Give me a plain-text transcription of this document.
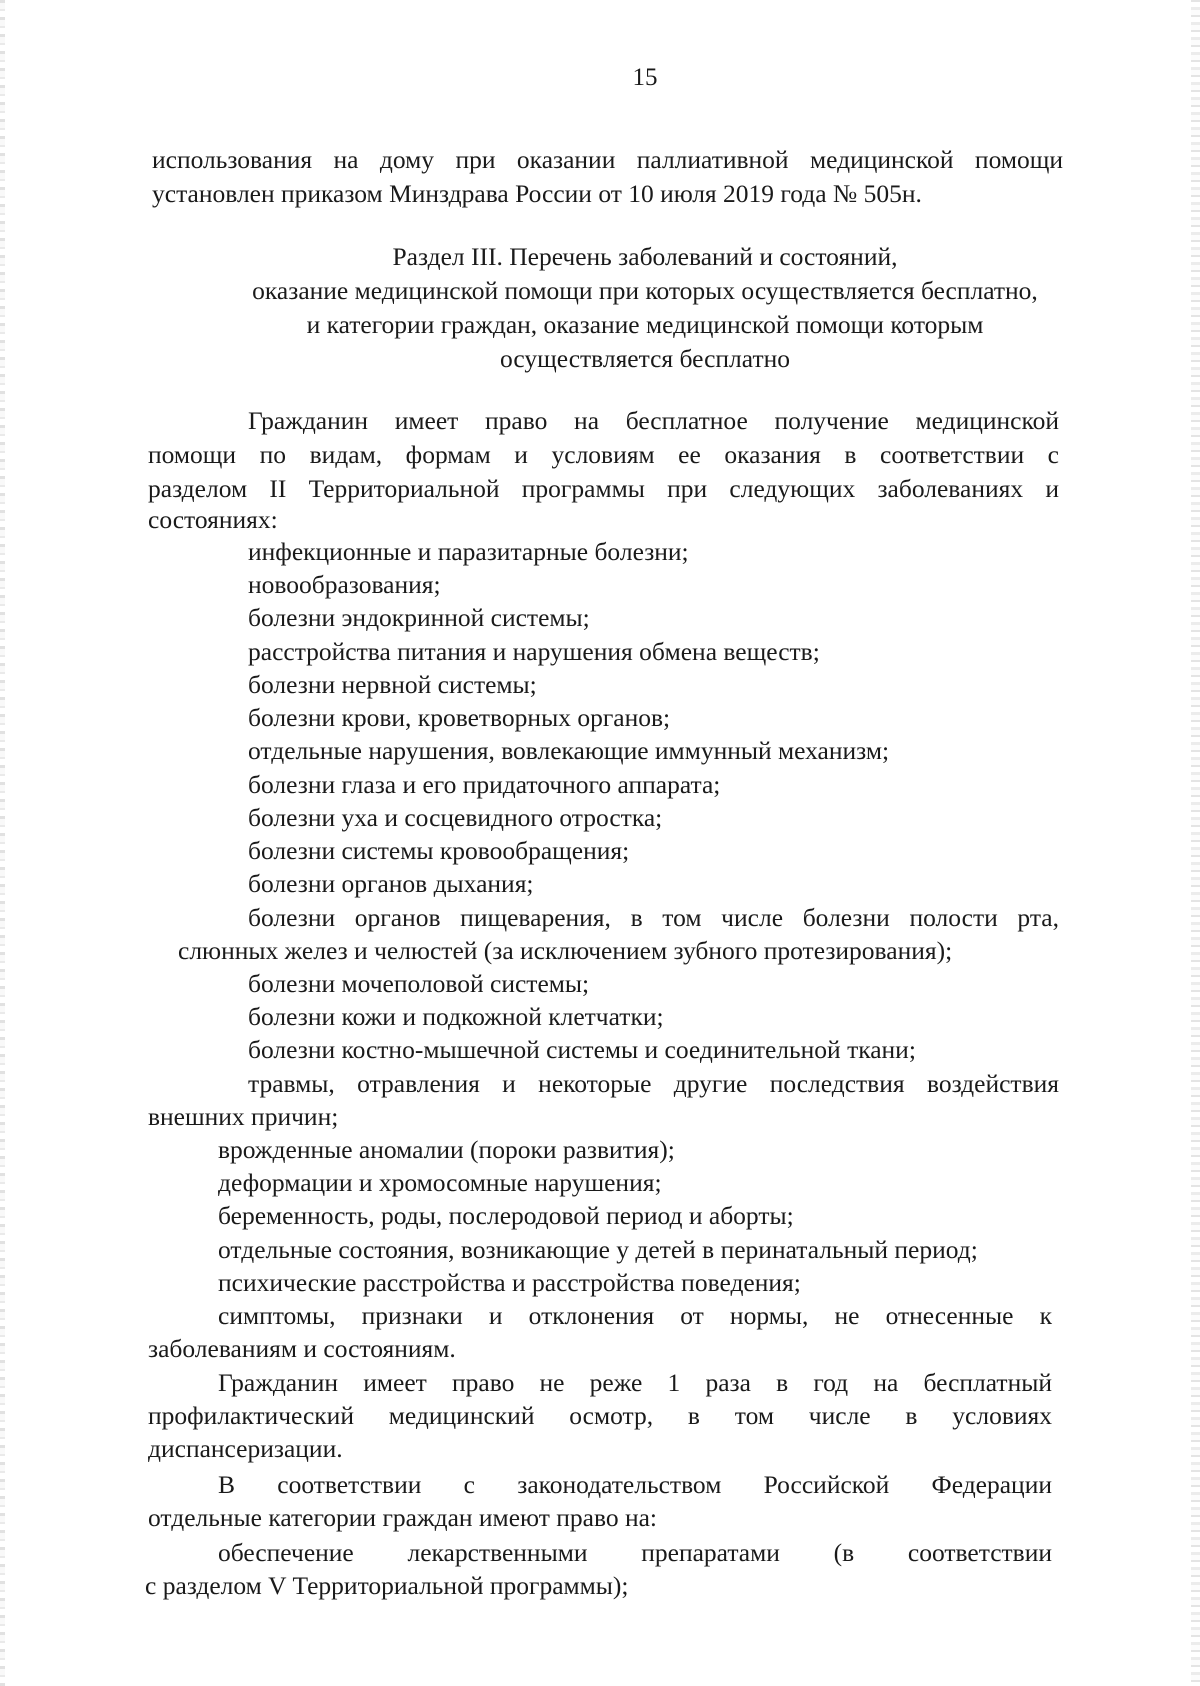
15
использования на дому при оказании паллиативной медицинской помощи
установлен приказом Минздрава России от 10 июля 2019 года № 505н.
Раздел III. Перечень заболеваний и состояний,
оказание медицинской помощи при которых осуществляется бесплатно,
и категории граждан, оказание медицинской помощи которым
осуществляется бесплатно
Гражданин имеет право на бесплатное получение медицинской
помощи по видам, формам и условиям ее оказания в соответствии с
разделом II Территориальной программы при следующих заболеваниях и
состояниях:
инфекционные и паразитарные болезни;
новообразования;
болезни эндокринной системы;
расстройства питания и нарушения обмена веществ;
болезни нервной системы;
болезни крови, кроветворных органов;
отдельные нарушения, вовлекающие иммунный механизм;
болезни глаза и его придаточного аппарата;
болезни уха и сосцевидного отростка;
болезни системы кровообращения;
болезни органов дыхания;
болезни органов пищеварения, в том числе болезни полости рта,
слюнных желез и челюстей (за исключением зубного протезирования);
болезни мочеполовой системы;
болезни кожи и подкожной клетчатки;
болезни костно-мышечной системы и соединительной ткани;
травмы, отравления и некоторые другие последствия воздействия
внешних причин;
врожденные аномалии (пороки развития);
деформации и хромосомные нарушения;
беременность, роды, послеродовой период и аборты;
отдельные состояния, возникающие у детей в перинатальный период;
психические расстройства и расстройства поведения;
симптомы, признаки и отклонения от нормы, не отнесенные к
заболеваниям и состояниям.
Гражданин имеет право не реже 1 раза в год на бесплатный
профилактический медицинский осмотр, в том числе в условиях
диспансеризации.
В соответствии с законодательством Российской Федерации
отдельные категории граждан имеют право на:
обеспечение лекарственными препаратами (в соответствии
с разделом V Территориальной программы);
